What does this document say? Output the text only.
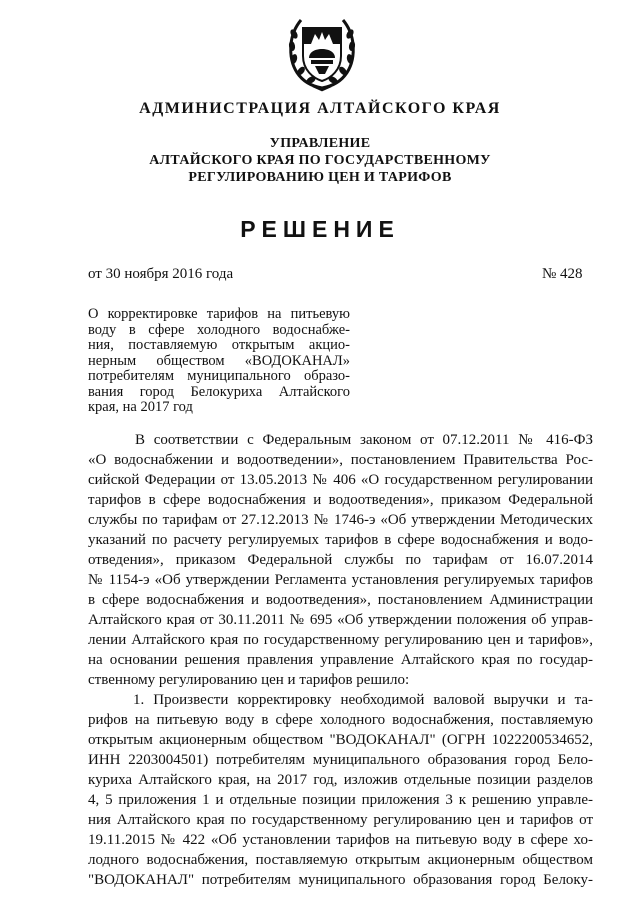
АДМИНИСТРАЦИЯ АЛТАЙСКОГО КРАЯ
УПРАВЛЕНИЕ
АЛТАЙСКОГО КРАЯ ПО ГОСУДАРСТВЕННОМУ
РЕГУЛИРОВАНИЮ ЦЕН И ТАРИФОВ
РЕШЕНИЕ
от 30 ноября 2016 года	№ 428
О корректировке тарифов на питьевую
воду в сфере холодного водоснабже-
ния, поставляемую открытым акцио-
нерным обществом «ВОДОКАНАЛ»
потребителям муниципального образо-
вания город Белокуриха Алтайского
края, на 2017 год
В соответствии с Федеральным законом от 07.12.2011 № 416-ФЗ
«О водоснабжении и водоотведении», постановлением Правительства Рос-
сийской Федерации от 13.05.2013 № 406 «О государственном регулировании
тарифов в сфере водоснабжения и водоотведения», приказом Федеральной
службы по тарифам от 27.12.2013 № 1746-э «Об утверждении Методических
указаний по расчету регулируемых тарифов в сфере водоснабжения и водо-
отведения», приказом Федеральной службы по тарифам от 16.07.2014
№ 1154-э «Об утверждении Регламента установления регулируемых тарифов
в сфере водоснабжения и водоотведения», постановлением Администрации
Алтайского края от 30.11.2011 № 695 «Об утверждении положения об управ-
лении Алтайского края по государственному регулированию цен и тарифов»,
на основании решения правления управление Алтайского края по государ-
ственному регулированию цен и тарифов решило:
1. Произвести корректировку необходимой валовой выручки и та-
рифов на питьевую воду в сфере холодного водоснабжения, поставляемую
открытым акционерным обществом "ВОДОКАНАЛ" (ОГРН 1022200534652,
ИНН 2203004501) потребителям муниципального образования город Бело-
куриха Алтайского края, на 2017 год, изложив отдельные позиции разделов
4, 5 приложения 1 и отдельные позиции приложения 3 к решению управле-
ния Алтайского края по государственному регулированию цен и тарифов от
19.11.2015 № 422 «Об установлении тарифов на питьевую воду в сфере хо-
лодного водоснабжения, поставляемую открытым акционерным обществом
"ВОДОКАНАЛ" потребителям муниципального образования город Белоку-
